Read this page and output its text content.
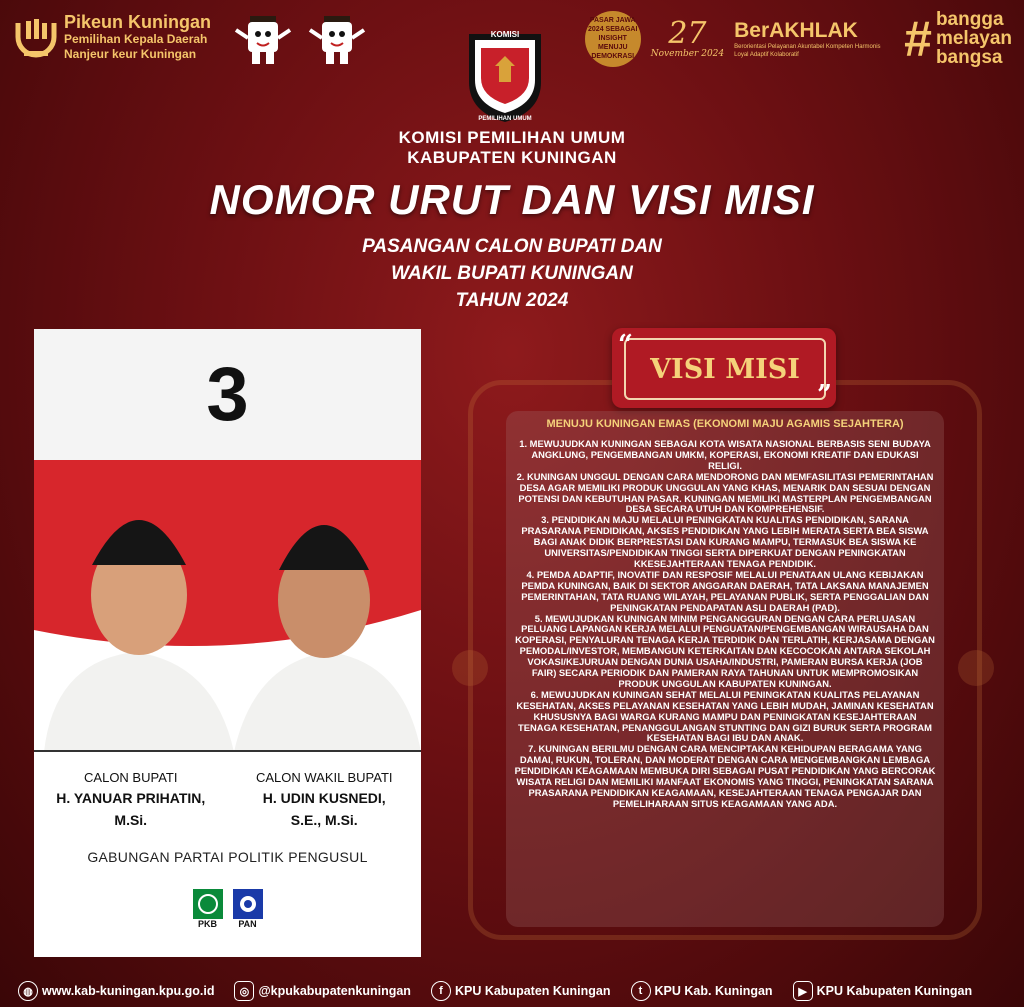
Pikeun Kuningan
Pemilihan Kepala Daerah
Nanjeur keur Kuningan
KOMISI
PEMILIHAN UMUM
PASAR JAWA 2024 SEBAGAI INSIGHT MENUJU DEMOKRASI
27
November 2024
BerAKHLAK
Berorientasi Pelayanan Akuntabel Kompeten Harmonis Loyal Adaptif Kolaboratif	# bangga
melayan
bangsa
KOMISI PEMILIHAN UMUM
KABUPATEN KUNINGAN
NOMOR URUT DAN VISI MISI
PASANGAN CALON BUPATI DAN
WAKIL BUPATI KUNINGAN
TAHUN 2024
3
CALON BUPATI
H. YANUAR PRIHATIN,
M.Si.
CALON WAKIL BUPATI
H. UDIN KUSNEDI,
S.E., M.Si.
GABUNGAN PARTAI POLITIK PENGUSUL
PKB PAN
VISI MISI
“
”
MENUJU KUNINGAN EMAS (EKONOMI MAJU AGAMIS SEJAHTERA)

1. MEWUJUDKAN KUNINGAN SEBAGAI KOTA WISATA NASIONAL BERBASIS SENI BUDAYA ANGKLUNG, PENGEMBANGAN UMKM, KOPERASI, EKONOMI KREATIF DAN EDUKASI RELIGI.

2. KUNINGAN UNGGUL DENGAN CARA MENDORONG DAN MEMFASILITASI PEMERINTAHAN DESA AGAR MEMILIKI PRODUK UNGGULAN YANG KHAS, MENARIK DAN SESUAI DENGAN POTENSI DAN KEBUTUHAN PASAR. KUNINGAN MEMILIKI MASTERPLAN PENGEMBANGAN DESA SECARA UTUH DAN KOMPREHENSIF.

3. PENDIDIKAN MAJU MELALUI PENINGKATAN KUALITAS PENDIDIKAN, SARANA PRASARANA PENDIDIKAN, AKSES PENDIDIKAN YANG LEBIH MERATA SERTA BEA SISWA BAGI ANAK DIDIK BERPRESTASI DAN KURANG MAMPU, TERMASUK BEA SISWA KE UNIVERSITAS/PENDIDIKAN TINGGI SERTA DIPERKUAT DENGAN PENINGKATAN KKESEJAHTERAAN TENAGA PENDIDIK.

4. PEMDA ADAPTIF, INOVATIF DAN RESPOSIF MELALUI PENATAAN ULANG KEBIJAKAN PEMDA KUNINGAN, BAIK DI SEKTOR ANGGARAN DAERAH, TATA LAKSANA MANAJEMEN PEMERINTAHAN, TATA RUANG WILAYAH, PELAYANAN PUBLIK, SERTA PENGGALIAN DAN PENINGKATAN PENDAPATAN ASLI DAERAH (PAD).

5. MEWUJUDKAN KUNINGAN MINIM PENGANGGURAN DENGAN CARA PERLUASAN PELUANG LAPANGAN KERJA MELALUI PENGUATAN/PENGEMBANGAN WIRAUSAHA DAN KOPERASI, PENYALURAN TENAGA KERJA TERDIDIK DAN TERLATIH, KERJASAMA DENGAN PEMODAL/INVESTOR, MEMBANGUN KETERKAITAN DAN KECOCOKAN ANTARA SEKOLAH VOKASI/KEJURUAN DENGAN DUNIA USAHA/INDUSTRI, PAMERAN BURSA KERJA (JOB FAIR) SECARA PERIODIK DAN PAMERAN RAYA TAHUNAN UNTUK MEMPROMOSIKAN PRODUK UNGGULAN KABUPATEN KUNINGAN.

6. MEWUJUDKAN KUNINGAN SEHAT MELALUI PENINGKATAN KUALITAS PELAYANAN KESEHATAN, AKSES PELAYANAN KESEHATAN YANG LEBIH MUDAH, JAMINAN KESEHATAN KHUSUSNYA BAGI WARGA KURANG MAMPU DAN PENINGKATAN KESEJAHTERAAN TENAGA KESEHATAN, PENANGGULANGAN STUNTING DAN GIZI BURUK SERTA PROGRAM KESEHATAN BAGI IBU DAN ANAK.

7. KUNINGAN BERILMU DENGAN CARA MENCIPTAKAN KEHIDUPAN BERAGAMA YANG DAMAI, RUKUN, TOLERAN, DAN MODERAT DENGAN CARA MENGEMBANGKAN LEMBAGA PENDIDIKAN KEAGAMAAN MEMBUKA DIRI SEBAGAI PUSAT PENDIDIKAN YANG BERCORAK WISATA RELIGI DAN MEMILIKI MANFAAT EKONOMIS YANG TINGGI, PENINGKATAN SARANA PRASARANA PENDIDIKAN KEAGAMAAN, KESEJAHTERAAN TENAGA PENGAJAR DAN PEMELIHARAAN SITUS KEAGAMAAN YANG ADA.

◍ www.kab-kuningan.kpu.go.id	◎ @kpukabupatenkuningan	f KPU Kabupaten Kuningan	t KPU Kab. Kuningan	▶ KPU Kabupaten Kuningan
